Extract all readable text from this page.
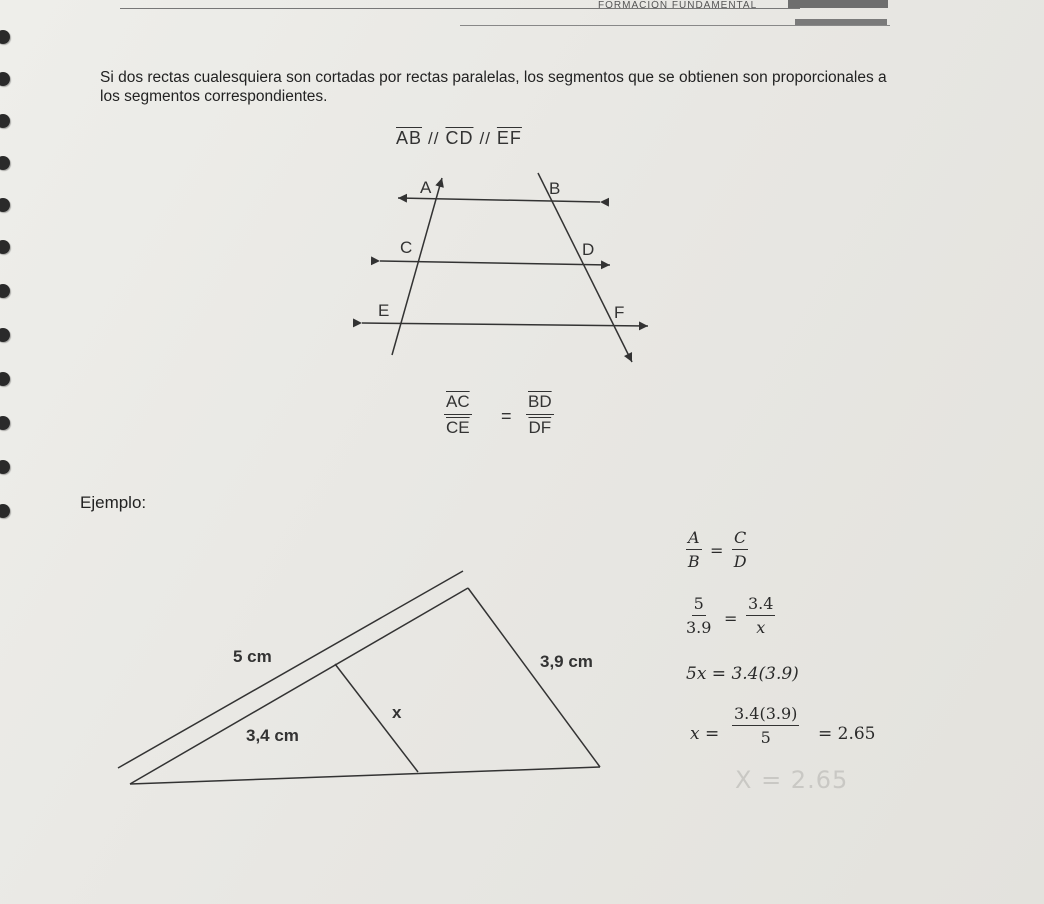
FORMACIÓN FUNDAMENTAL
Si dos rectas cualesquiera son cortadas por rectas paralelas, los segmentos que se obtienen son proporcionales a los segmentos correspondientes.
$\overline{AB} // \overline{CD} // \overline{EF}$
A	B
C	D
E	F
5 cm
3,4 cm
3,9 cm
x
$\frac{\overline{AC}}{CE} = \frac{\overline{BD}}{DF}$
Ejemplo:
$\frac{A}{B} = \frac{C}{D}$
$\frac{5}{3.9} = \frac{3.4}{x}$
5x = 3.4(3.9)
$x = \frac{3.4(3.9)}{5} = 2.65$
X = 2.65
